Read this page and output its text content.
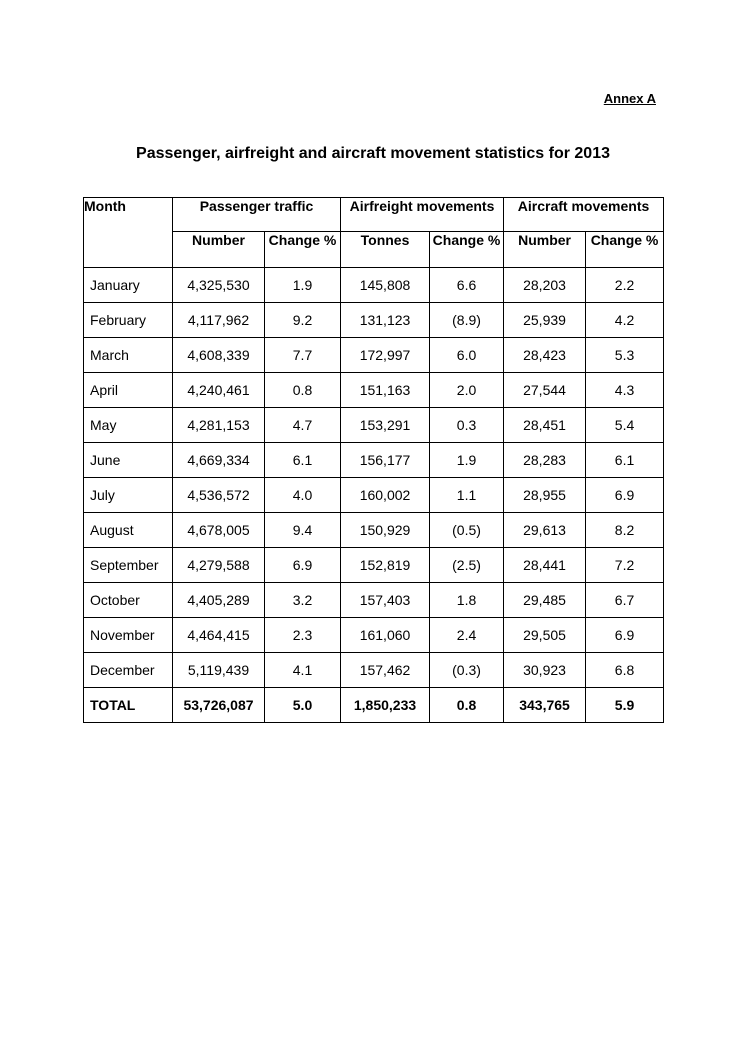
Annex A
Passenger, airfreight and aircraft movement statistics for 2013
Month	Passenger traffic		Airfreight movements		Aircraft movements	
	Number	Change %	Tonnes	Change %	Number	Change %
January	4,325,530	1.9	145,808	6.6	28,203	2.2
February	4,117,962	9.2	131,123	(8.9)	25,939	4.2
March	4,608,339	7.7	172,997	6.0	28,423	5.3
April	4,240,461	0.8	151,163	2.0	27,544	4.3
May	4,281,153	4.7	153,291	0.3	28,451	5.4
June	4,669,334	6.1	156,177	1.9	28,283	6.1
July	4,536,572	4.0	160,002	1.1	28,955	6.9
August	4,678,005	9.4	150,929	(0.5)	29,613	8.2
September	4,279,588	6.9	152,819	(2.5)	28,441	7.2
October	4,405,289	3.2	157,403	1.8	29,485	6.7
November	4,464,415	2.3	161,060	2.4	29,505	6.9
December	5,119,439	4.1	157,462	(0.3)	30,923	6.8
TOTAL	53,726,087	5.0	1,850,233	0.8	343,765	5.9
